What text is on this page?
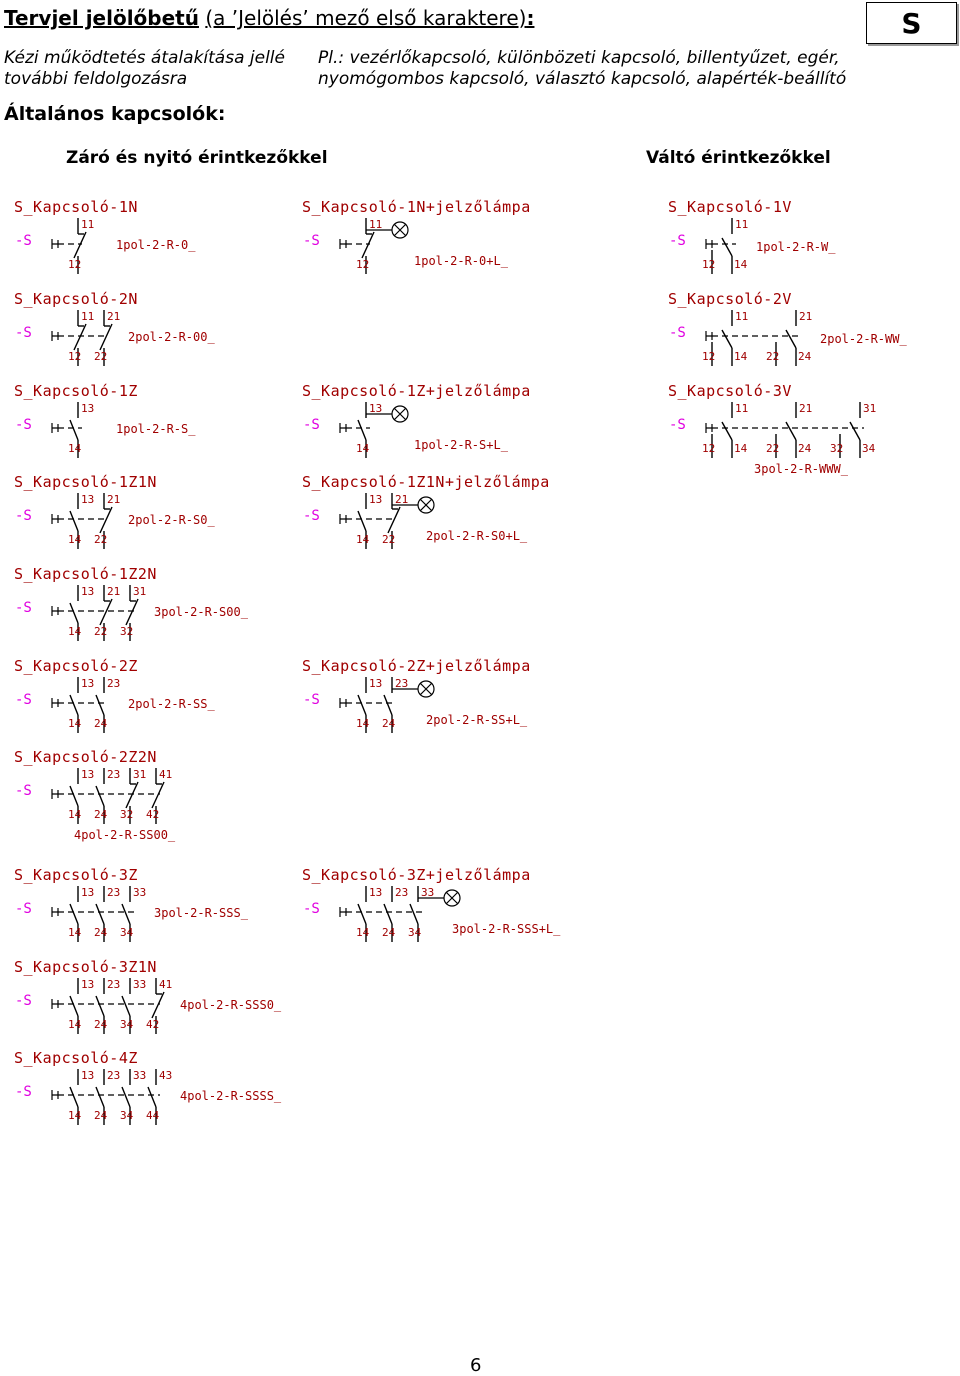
Tervjel jelölőbetű (a ’Jelölés’ mező első karaktere):	S
Kézi működtetés átalakítása jellé további feldolgozásra
Pl.: vezérlőkapcsoló, különbözeti kapcsoló, billentyűzet, egér, nyomógombos kapcsoló, választó kapcsoló, alapérték-beállító
Általános kapcsolók:
Záró és nyitó érintkezőkkel	Váltó érintkezőkkel
S_Kapcsoló-1N
-S
11
12
1pol-2-R-0_
S_Kapcsoló-1N+jelzőlámpa
-S
11
12	1pol-2-R-0+L_
S_Kapcsoló-1V
-S
11
12 14
1pol-2-R-W_
S_Kapcsoló-2N
-S
11 21
12 22
2pol-2-R-00_
S_Kapcsoló-2V
-S
11	21
12 14 22 24
2pol-2-R-WW_
S_Kapcsoló-1Z
-S
13
14
1pol-2-R-S_
S_Kapcsoló-1Z+jelzőlámpa
-S
13
14	1pol-2-R-S+L_
S_Kapcsoló-3V
-S
11	21	31
12 14 22 24 32 34
3pol-2-R-WWW_
S_Kapcsoló-1Z1N
-S
13 21
14 22
2pol-2-R-S0_
S_Kapcsoló-1Z1N+jelzőlámpa
-S
13 21
14 22	2pol-2-R-S0+L_
S_Kapcsoló-1Z2N
-S
13 21 31
14 22 32
3pol-2-R-S00_
S_Kapcsoló-2Z
-S
13 23
14 24
2pol-2-R-SS_
S_Kapcsoló-2Z+jelzőlámpa
-S
13 23
14 24	2pol-2-R-SS+L_
S_Kapcsoló-2Z2N
-S
13 23 31 41
14 24 32 42
4pol-2-R-SS00_
S_Kapcsoló-3Z
-S
13 23 33
14 24 34
3pol-2-R-SSS_
S_Kapcsoló-3Z+jelzőlámpa
-S
13 23 33
14 24 34	3pol-2-R-SSS+L_
S_Kapcsoló-3Z1N
-S
13 23 33 41
14 24 34 42
4pol-2-R-SSS0_
S_Kapcsoló-4Z
-S
13 23 33 43
14 24 34 44
4pol-2-R-SSSS_
6
